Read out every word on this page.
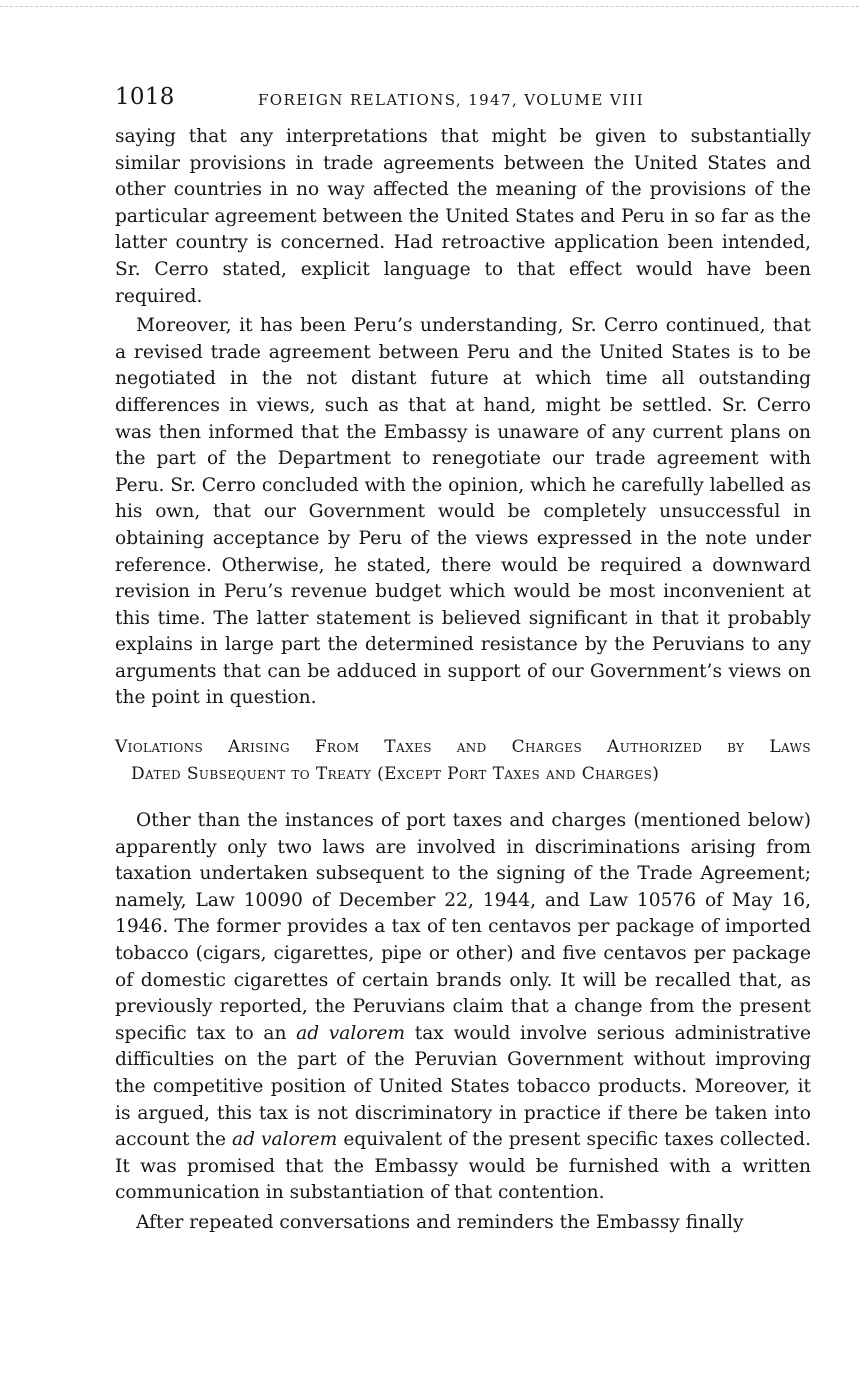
1018	FOREIGN RELATIONS, 1947, VOLUME VIII

saying that any interpretations that might be given to substantially similar provisions in trade agreements between the United States and other countries in no way affected the meaning of the provisions of the particular agreement between the United States and Peru in so far as the latter country is concerned. Had retroactive application been intended, Sr. Cerro stated, explicit language to that effect would have been required.

Moreover, it has been Peru’s understanding, Sr. Cerro continued, that a revised trade agreement between Peru and the United States is to be negotiated in the not distant future at which time all outstanding differences in views, such as that at hand, might be settled. Sr. Cerro was then informed that the Embassy is unaware of any current plans on the part of the Department to renegotiate our trade agreement with Peru. Sr. Cerro concluded with the opinion, which he carefully labelled as his own, that our Government would be completely unsuccessful in obtaining acceptance by Peru of the views expressed in the note under reference. Otherwise, he stated, there would be required a downward revision in Peru’s revenue budget which would be most inconvenient at this time. The latter statement is believed significant in that it probably explains in large part the determined resistance by the Peruvians to any arguments that can be adduced in support of our Government’s views on the point in question.

Violations Arising From Taxes and Charges Authorized by Laws
Dated Subsequent to Treaty (Except Port Taxes and Charges)

Other than the instances of port taxes and charges (mentioned below) apparently only two laws are involved in discriminations arising from taxation undertaken subsequent to the signing of the Trade Agreement; namely, Law 10090 of December 22, 1944, and Law 10576 of May 16, 1946. The former provides a tax of ten centavos per package of imported tobacco (cigars, cigarettes, pipe or other) and five centavos per package of domestic cigarettes of certain brands only. It will be recalled that, as previously reported, the Peruvians claim that a change from the present specific tax to an ad valorem tax would involve serious administrative difficulties on the part of the Peruvian Government without improving the competitive position of United States tobacco products. Moreover, it is argued, this tax is not discriminatory in practice if there be taken into account the ad valorem equivalent of the present specific taxes collected. It was promised that the Embassy would be furnished with a written communication in substantiation of that contention.

After repeated conversations and reminders the Embassy finally
